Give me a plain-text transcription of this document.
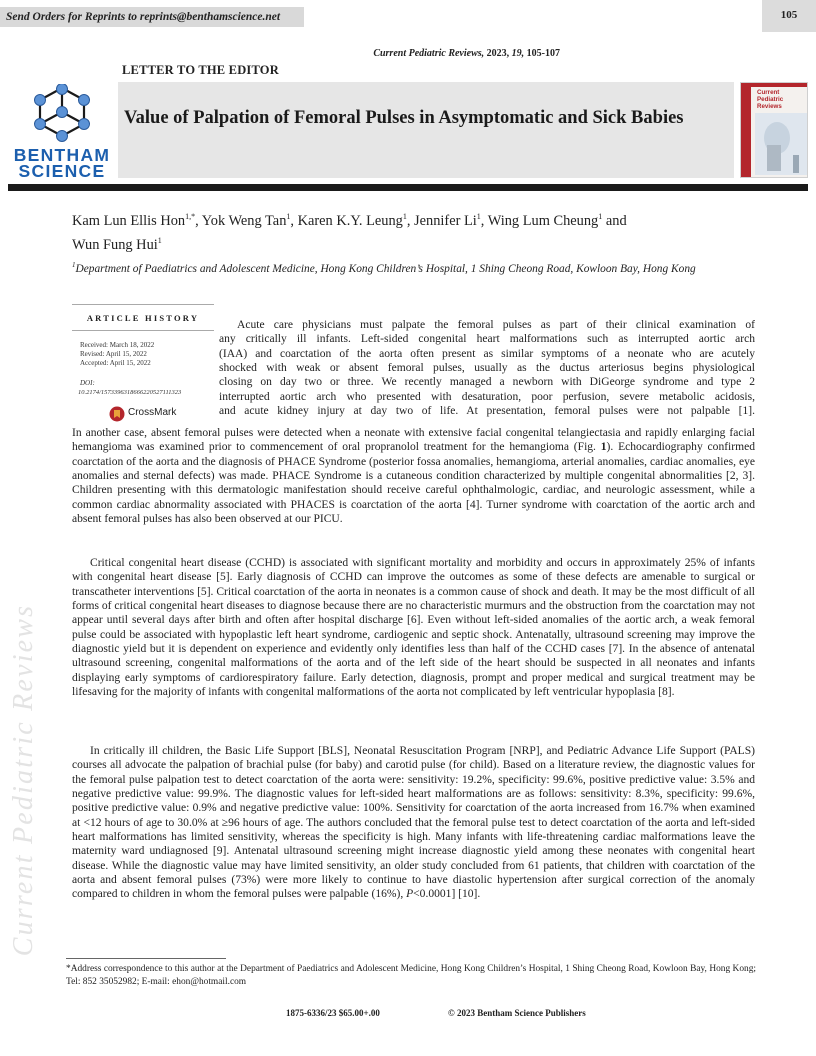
Send Orders for Reprints to reprints@benthamscience.net	105
Current Pediatric Reviews, 2023, 19, 105-107
LETTER TO THE EDITOR
BENTHAM
SCIENCE
Value of Palpation of Femoral Pulses in Asymptomatic and Sick Babies
Current Pediatric Reviews
Kam Lun Ellis Hon$^{1,*}$, Yok Weng Tan$^1$, Karen K.Y. Leung$^1$, Jennifer Li$^1$, Wing Lum Cheung$^1$ and
Wun Fung Hui$^1$
$^1$Department of Paediatrics and Adolescent Medicine, Hong Kong Children’s Hospital, 1 Shing Cheong Road, Kowloon Bay, Hong Kong
ARTICLE HISTORY
Received: March 18, 2022
Revised: April 15, 2022
Accepted: April 15, 2022
DOI:
10.2174/1573396318666220527111323
CrossMark
Acute care physicians must palpate the femoral pulses as part of their clinical examination of
any critically ill infants. Left-sided congenital heart malformations such as interrupted aortic arch
(IAA) and coarctation of the aorta often present as similar symptoms of a neonate who are acutely
shocked with weak or absent femoral pulses, usually as the ductus arteriosus begins physiological
closing on day two or three. We recently managed a newborn with DiGeorge syndrome and type 2
interrupted aortic arch who presented with desaturation, poor perfusion, severe metabolic acidosis,
and acute kidney injury at day two of life. At presentation, femoral pulses were not palpable [1].

In another case, absent femoral pulses were detected when a neonate with extensive facial congenital telangiectasia and rapidly enlarging facial hemangioma was examined prior to commencement of oral propranolol treatment for the hemangioma (Fig. 1). Echocardiography confirmed coarctation of the aorta and the diagnosis of PHACE Syndrome (posterior fossa anomalies, hemangioma, arterial anomalies, cardiac anomalies, eye anomalies and sternal defects) was made. PHACE Syndrome is a cutaneous condition characterized by multiple congenital abnormalities [2, 3]. Children presenting with this dermatologic manifestation should receive careful ophthalmologic, cardiac, and neurologic assessment, while a common cardiac abnormality associated with PHACES is coarctation of the aorta [4]. Turner syndrome with coarctation of the aortic arch and absent femoral pulses has also been observed at our PICU.

Critical congenital heart disease (CCHD) is associated with significant mortality and morbidity and occurs in approximately 25% of infants with congenital heart disease [5]. Early diagnosis of CCHD can improve the outcomes as some of these defects are amenable to surgical or transcatheter interventions [5]. Critical coarctation of the aorta in neonates is a common cause of shock and death. It may be the most difficult of all forms of critical congenital heart diseases to diagnose because there are no characteristic murmurs and the obstruction from the coarctation may not appear until several days after birth and often after hospital discharge [6]. Even without left-sided anomalies of the aortic arch, a weak femoral pulse could be associated with hypoplastic left heart syndrome, cardiogenic and septic shock. Antenatally, ultrasound screening may improve the diagnostic yield but it is dependent on experience and evidently only identifies less than half of the CCHD cases [7]. In the absence of antenatal ultrasound screening, congenital malformations of the aorta and of the left side of the heart should be suspected in all neonates and infants displaying early symptoms of cardiorespiratory failure. Early detection, diagnosis, prompt and proper medical and surgical treatment may be lifesaving for the majority of infants with congenital malformations of the aorta not complicated by left ventricular hypoplasia [8].

In critically ill children, the Basic Life Support [BLS], Neonatal Resuscitation Program [NRP], and Pediatric Advance Life Support (PALS) courses all advocate the palpation of brachial pulse (for baby) and carotid pulse (for child). Based on a literature review, the diagnostic values for the femoral pulse palpation test to detect coarctation of the aorta were: sensitivity: 19.2%, specificity: 99.6%, positive predictive value: 3.5% and negative predictive value: 99.9%. The diagnostic values for left-sided heart malformations are as follows: sensitivity: 8.3%, specificity: 99.6%, positive predictive value: 0.9% and negative predictive value: 100%. Sensitivity for coarctation of the aorta increased from 16.7% when examined at <12 hours of age to 30.0% at ≥96 hours of age. The authors concluded that the femoral pulse test to detect coarctation of the aorta and left-sided heart malformations has limited sensitivity, whereas the specificity is high. Many infants with life-threatening cardiac malformations leave the maternity ward undiagnosed [9]. Antenatal ultrasound screening might increase diagnostic yield among these neonates with congenital heart disease. While the diagnostic value may have limited sensitivity, an older study concluded from 61 patients, that children with coarctation of the aorta and absent femoral pulses (73%) were more likely to continue to have diastolic hypertension after surgical correction of the anomaly compared to children in whom the femoral pulses were palpable (16%), P<0.0001] [10].

*Address correspondence to this author at the Department of Paediatrics and Adolescent Medicine, Hong Kong Children’s Hospital, 1 Shing Cheong Road, Kowloon Bay, Hong Kong; Tel: 852 35052982; E-mail: ehon@hotmail.com
1875-6336/23 $65.00+.00	© 2023 Bentham Science Publishers
Current Pediatric Reviews
